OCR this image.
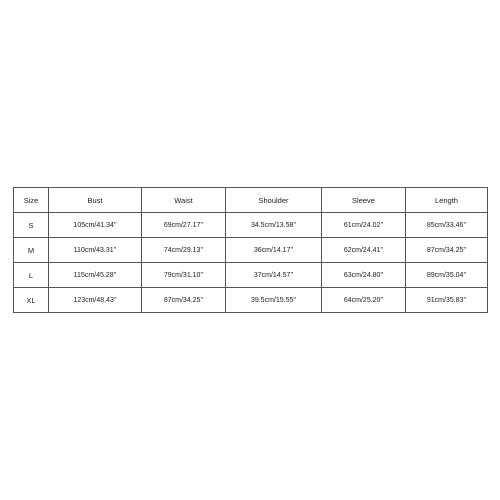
Size	Bust	Waist	Shoulder	Sleeve	Length
S	105cm/41.34''	69cm/27.17''	34.5cm/13.58''	61cm/24.02''	85cm/33.46''
M	110cm/43.31''	74cm/29.13''	36cm/14.17''	62cm/24.41''	87cm/34.25''
L	115cm/45.28''	79cm/31.10''	37cm/14.57''	63cm/24.80''	89cm/35.04''
XL	123cm/48.43''	87cm/34.25''	39.5cm/15.55''	64cm/25.20''	91cm/35.83''
